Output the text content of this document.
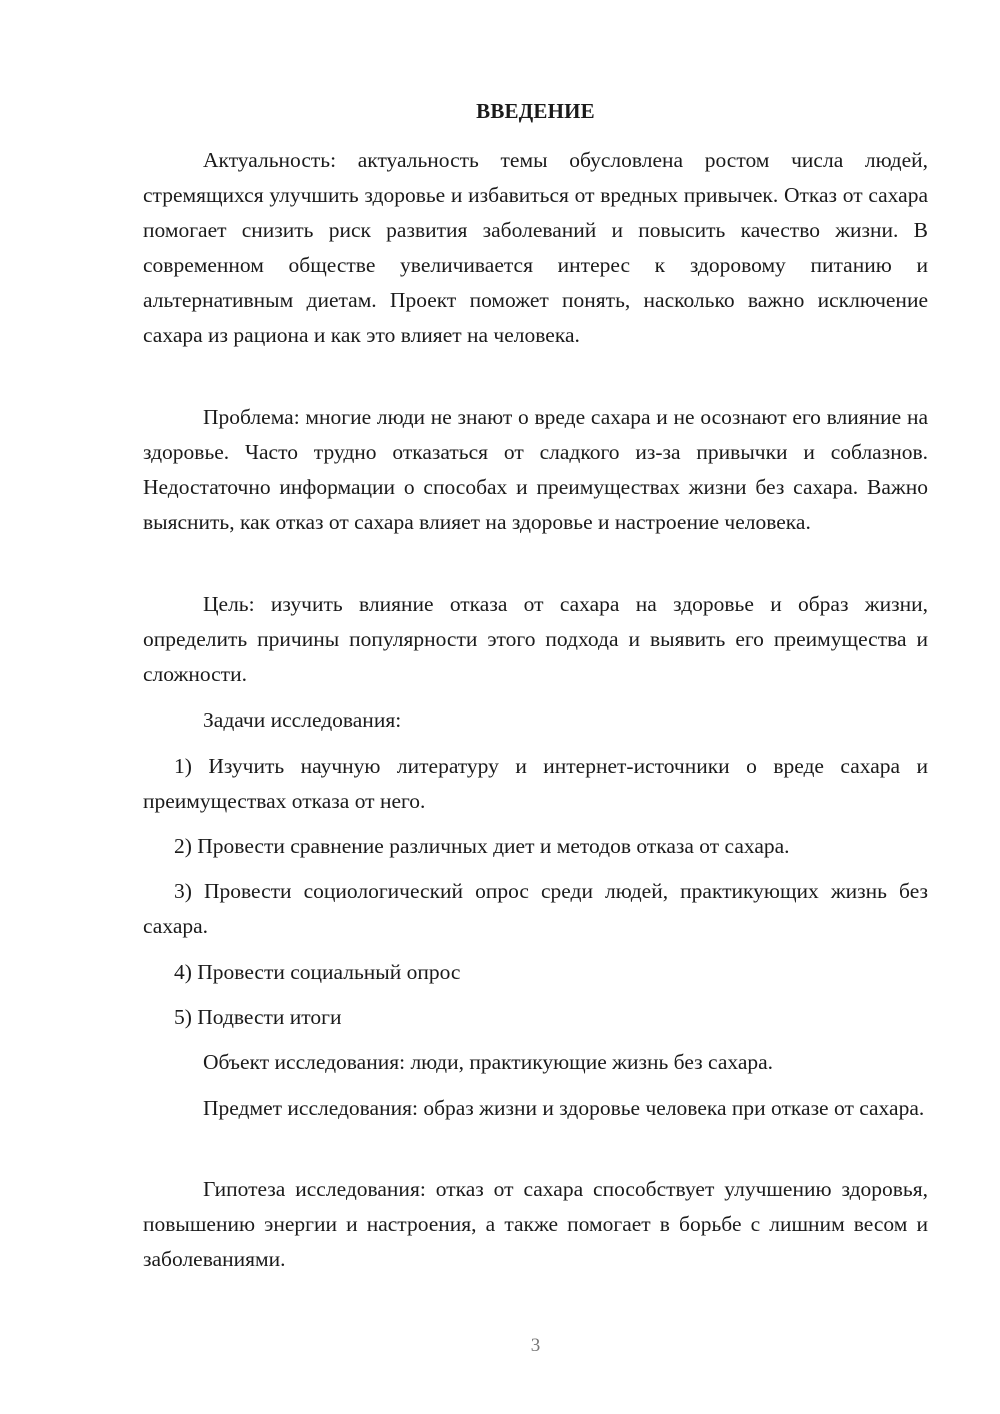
ВВЕДЕНИЕ

Актуальность: актуальность темы обусловлена ростом числа людей, стремящихся улучшить здоровье и избавиться от вредных привычек. Отказ от сахара помогает снизить риск развития заболеваний и повысить качество жизни. В современном обществе увеличивается интерес к здоровому питанию и альтернативным диетам. Проект поможет понять, насколько важно исключение сахара из рациона и как это влияет на человека.

Проблема: многие люди не знают о вреде сахара и не осознают его влияние на здоровье. Часто трудно отказаться от сладкого из-за привычки и соблазнов. Недостаточно информации о способах и преимуществах жизни без сахара. Важно выяснить, как отказ от сахара влияет на здоровье и настроение человека.

Цель: изучить влияние отказа от сахара на здоровье и образ жизни, определить причины популярности этого подхода и выявить его преимущества и сложности.

Задачи исследования:

1) Изучить научную литературу и интернет-источники о вреде сахара и преимуществах отказа от него.

2) Провести сравнение различных диет и методов отказа от сахара.

3) Провести социологический опрос среди людей, практикующих жизнь без сахара.

4) Провести социальный опрос

5) Подвести итоги

Объект исследования: люди, практикующие жизнь без сахара.

Предмет исследования: образ жизни и здоровье человека при отказе от сахара.

Гипотеза исследования: отказ от сахара способствует улучшению здоровья, повышению энергии и настроения, а также помогает в борьбе с лишним весом и заболеваниями.

3
